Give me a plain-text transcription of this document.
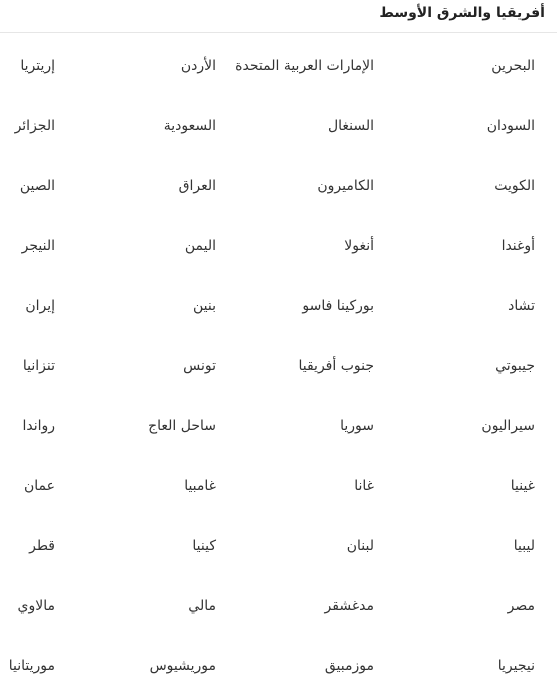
أفريقيا والشرق الأوسط
البحرين
الإمارات العربية المتحدة
الأردن
إريتريا
السودان
السنغال
السعودية
الجزائر
الكويت
الكاميرون
العراق
الصين
أوغندا
أنغولا
اليمن
النيجر
تشاد
بوركينا فاسو
بنين
إيران
جيبوتي
جنوب أفريقيا
تونس
تنزانيا
سيراليون
سوريا
ساحل العاج
رواندا
غينيا
غانا
غامبيا
عمان
ليبيا
لبنان
كينيا
قطر
مصر
مدغشقر
مالي
مالاوي
نيجيريا
موزمبيق
موريشيوس
موريتانيا
